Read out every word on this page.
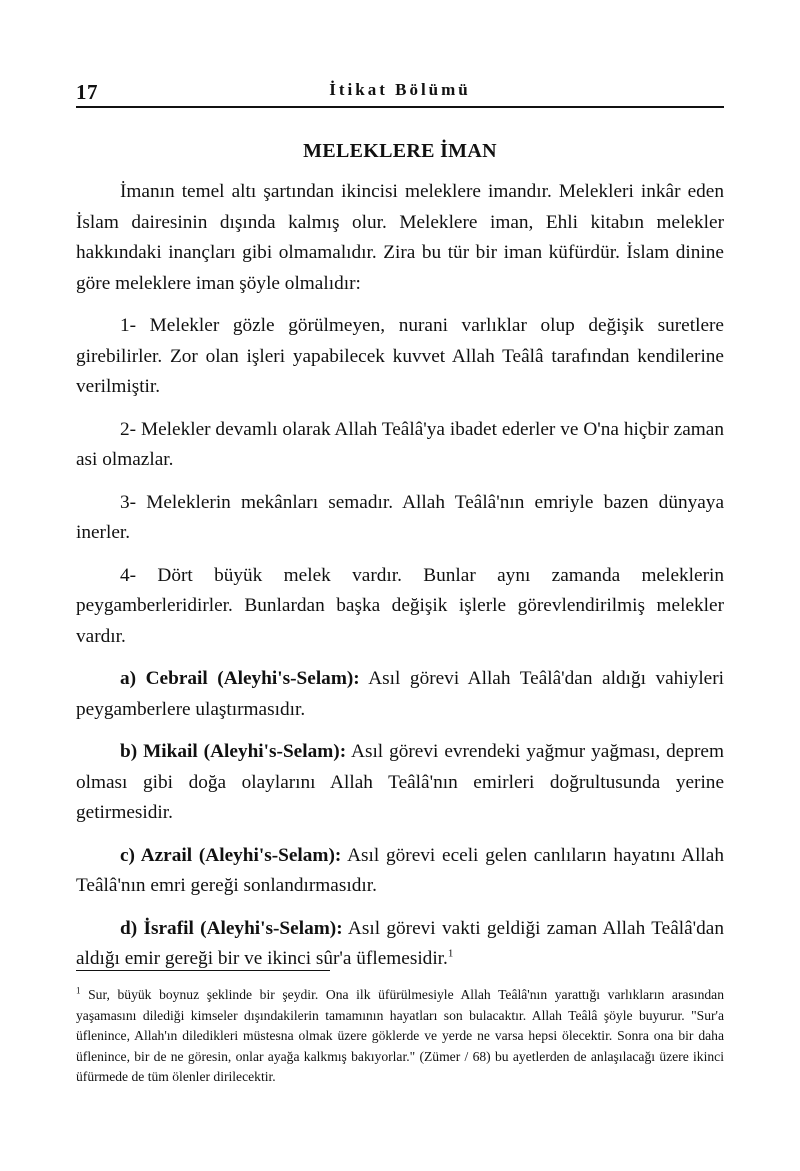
17	İtikat Bölümü
MELEKLERE İMAN

İmanın temel altı şartından ikincisi meleklere imandır. Melekleri inkâr eden İslam dairesinin dışında kalmış olur. Meleklere iman, Ehli kitabın melekler hakkındaki inançları gibi olmamalıdır. Zira bu tür bir iman küfürdür. İslam dinine göre meleklere iman şöyle olmalıdır:

1- Melekler gözle görülmeyen, nurani varlıklar olup değişik suretlere girebilirler. Zor olan işleri yapabilecek kuvvet Allah Teâlâ tarafından kendilerine verilmiştir.

2- Melekler devamlı olarak Allah Teâlâ'ya ibadet ederler ve O'na hiçbir zaman asi olmazlar.

3- Meleklerin mekânları semadır. Allah Teâlâ'nın emriyle bazen dünyaya inerler.

4- Dört büyük melek vardır. Bunlar aynı zamanda meleklerin peygamberleridirler. Bunlardan başka değişik işlerle görevlendirilmiş melekler vardır.

a) Cebrail (Aleyhi's-Selam): Asıl görevi Allah Teâlâ'dan aldığı vahiyleri peygamberlere ulaştırmasıdır.

b) Mikail (Aleyhi's-Selam): Asıl görevi evrendeki yağmur yağması, deprem olması gibi doğa olaylarını Allah Teâlâ'nın emirleri doğrultusunda yerine getirmesidir.

c) Azrail (Aleyhi's-Selam): Asıl görevi eceli gelen canlıların hayatını Allah Teâlâ'nın emri gereği sonlandırmasıdır.

d) İsrafil (Aleyhi's-Selam): Asıl görevi vakti geldiği zaman Allah Teâlâ'dan aldığı emir gereği bir ve ikinci sûr'a üflemesidir.$^1$

$^1$ Sur, büyük boynuz şeklinde bir şeydir. Ona ilk üfürülmesiyle Allah Teâlâ'nın yarattığı varlıkların arasından yaşamasını dilediği kimseler dışındakilerin tamamının hayatları son bulacaktır. Allah Teâlâ şöyle buyurur. "Sur'a üflenince, Allah'ın diledikleri müstesna olmak üzere göklerde ve yerde ne varsa hepsi ölecektir. Sonra ona bir daha üflenince, bir de ne göresin, onlar ayağa kalkmış bakıyorlar." (Zümer / 68) bu ayetlerden de anlaşılacağı üzere ikinci üfürmede de tüm ölenler dirilecektir.
